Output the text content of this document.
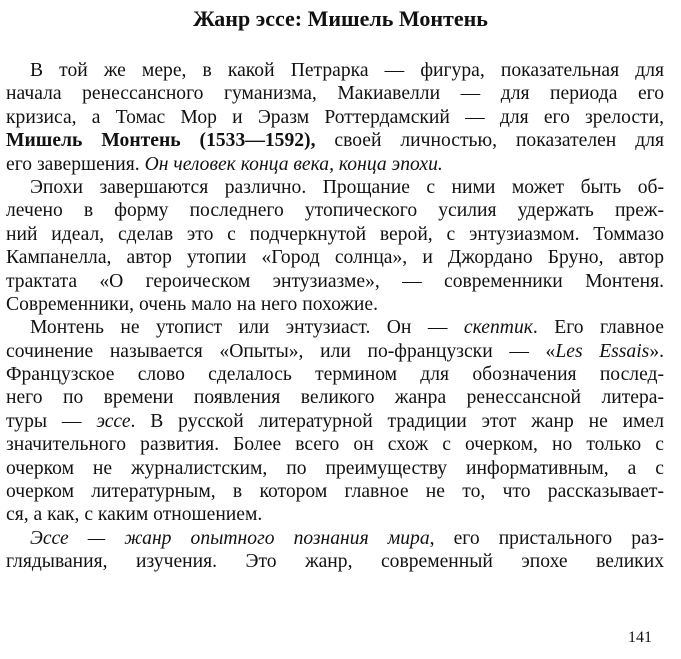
Жанр эссе: Мишель Монтень
В той же мере, в какой Петрарка — фигура, показательная для
начала ренессансного гуманизма, Макиавелли — для периода его
кризиса, а Томас Мор и Эразм Роттердамский — для его зрелости,
Мишель Монтень (1533—1592), своей личностью, показателен для
его завершения. Он человек конца века, конца эпохи.
Эпохи завершаются различно. Прощание с ними может быть об-
лечено в форму последнего утопического усилия удержать преж-
ний идеал, сделав это с подчеркнутой верой, с энтузиазмом. Томмазо
Кампанелла, автор утопии «Город солнца», и Джордано Бруно, автор
трактата «О героическом энтузиазме», — современники Монтеня.
Современники, очень мало на него похожие.
Монтень не утопист или энтузиаст. Он — скептик. Его главное
сочинение называется «Опыты», или по-французски — «Les Essais».
Французское слово сделалось термином для обозначения послед-
него по времени появления великого жанра ренессансной литера-
туры — эссе. В русской литературной традиции этот жанр не имел
значительного развития. Более всего он схож с очерком, но только с
очерком не журналистским, по преимуществу информативным, а с
очерком литературным, в котором главное не то, что рассказывает-
ся, а как, с каким отношением.
Эссе — жанр опытного познания мира, его пристального раз-
глядывания, изучения. Это жанр, современный эпохе великих
141
